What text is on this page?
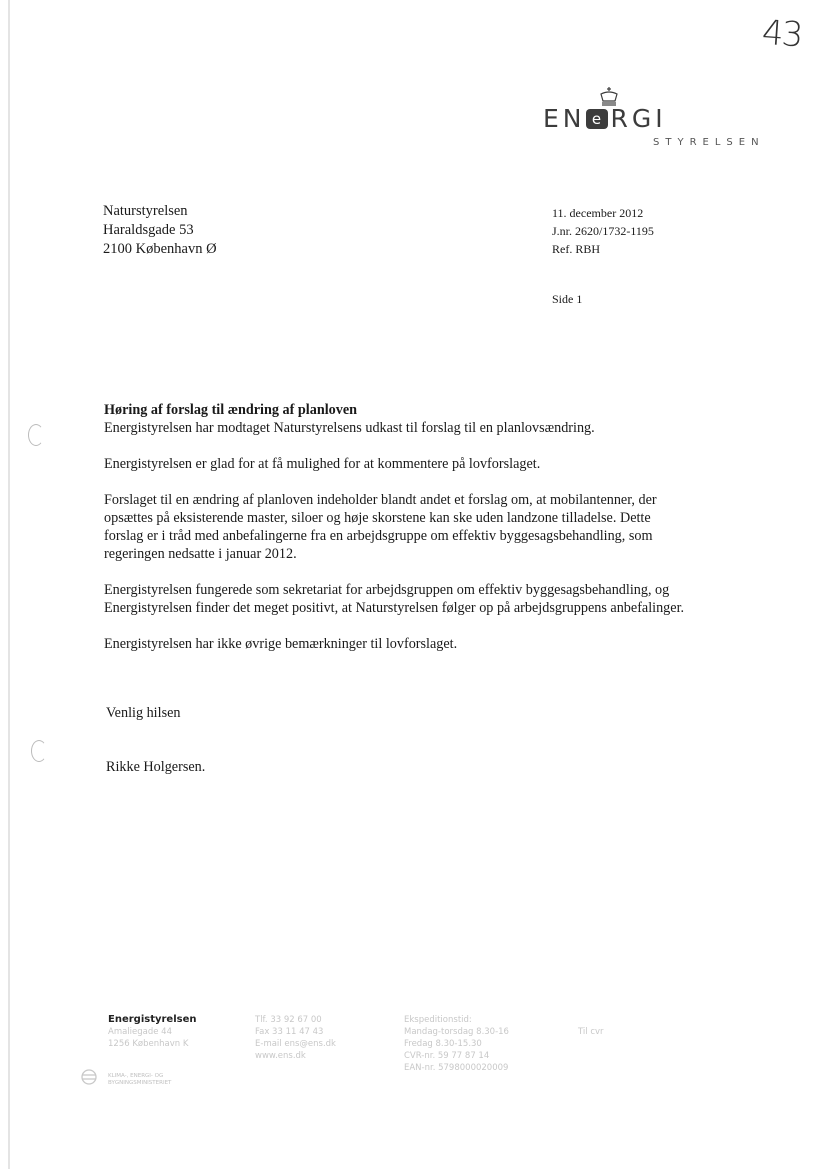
43
EN e RGI
STYRELSEN
Naturstyrelsen
Haraldsgade 53
2100 København Ø
11. december 2012
J.nr. 2620/1732-1195
Ref. RBH
Side 1
Høring af forslag til ændring af planloven

Energistyrelsen har modtaget Naturstyrelsens udkast til forslag til en planlovsændring.

Energistyrelsen er glad for at få mulighed for at kommentere på lovforslaget.

Forslaget til en ændring af planloven indeholder blandt andet et forslag om, at mobilantenner, der opsættes på eksisterende master, siloer og høje skorstene kan ske uden landzone tilladelse. Dette forslag er i tråd med anbefalingerne fra en arbejdsgruppe om effektiv byggesagsbehandling, som regeringen nedsatte i januar 2012.

Energistyrelsen fungerede som sekretariat for arbejdsgruppen om effektiv byggesagsbehandling, og Energistyrelsen finder det meget positivt, at Naturstyrelsen følger op på arbejdsgruppens anbefalinger.

Energistyrelsen har ikke øvrige bemærkninger til lovforslaget.

Venlig hilsen
Rikke Holgersen.
Energistyrelsen
Amaliegade 44
1256 København K
Tlf. 33 92 67 00
Fax 33 11 47 43
E-mail ens@ens.dk
www.ens.dk
Ekspeditionstid:
Mandag-torsdag 8.30-16
Fredag 8.30-15.30
CVR-nr. 59 77 87 14
EAN-nr. 5798000020009
Til cvr
KLIMA-, ENERGI- OG
BYGNINGSMINISTERIET
